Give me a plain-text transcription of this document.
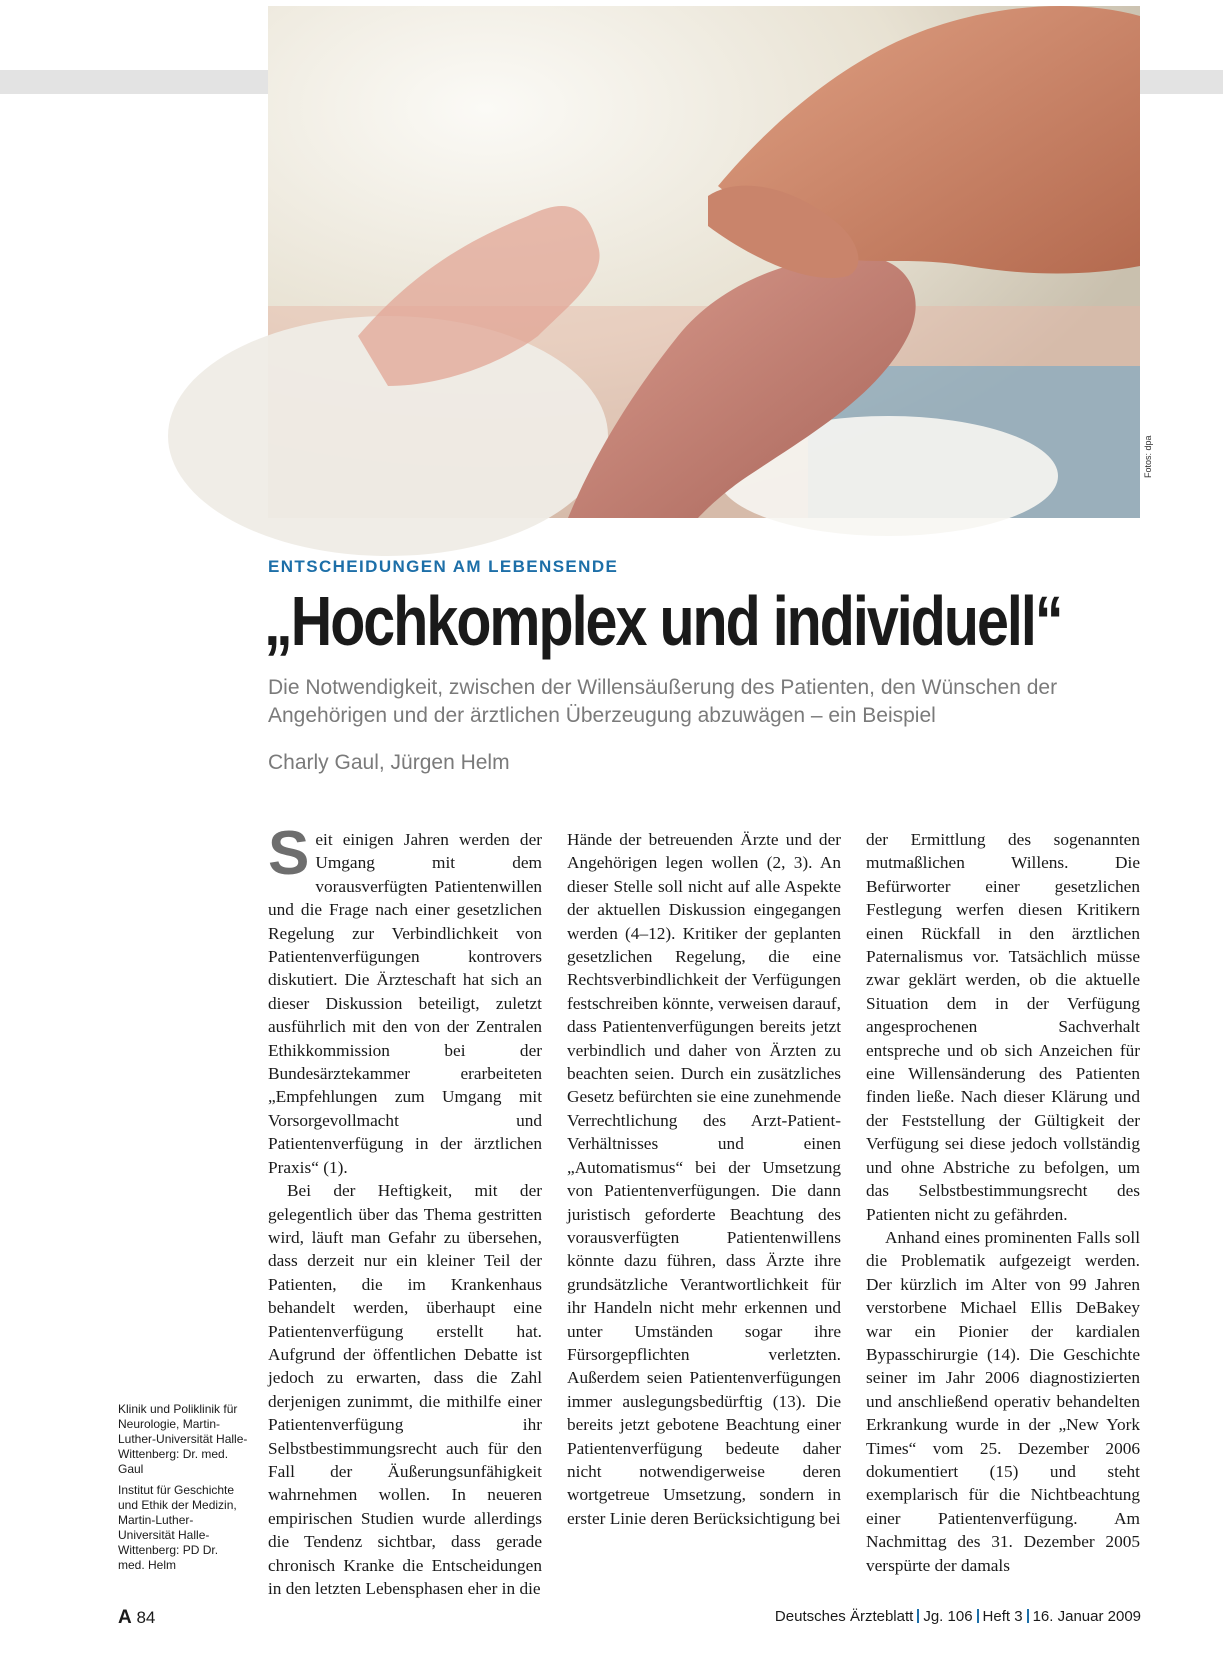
Fotos: dpa
ENTSCHEIDUNGEN AM LEBENSENDE
„Hochkomplex und individuell“

Die Notwendigkeit, zwischen der Willensäußerung des Patienten, den Wünschen der Angehörigen und der ärztlichen Überzeugung abzuwägen – ein Beispiel

Charly Gaul, Jürgen Helm

Klinik und Poliklinik für Neurologie, Martin-Luther-Universität Halle-Wittenberg: Dr. med. Gaul

Institut für Geschichte und Ethik der Medizin, Martin-Luther-Universität Halle-Wittenberg: PD Dr. med. Helm

S eit einigen Jahren werden der Umgang mit dem vorausverfügten Patientenwillen und die Frage nach einer gesetzlichen Regelung zur Verbindlichkeit von Patientenverfügungen kontrovers diskutiert. Die Ärzteschaft hat sich an dieser Diskussion beteiligt, zuletzt ausführlich mit den von der Zentralen Ethikkommission bei der Bundesärztekammer erarbeiteten „Empfehlungen zum Umgang mit Vorsorgevollmacht und Patientenverfügung in der ärztlichen Praxis“ (1).

Bei der Heftigkeit, mit der gelegentlich über das Thema gestritten wird, läuft man Gefahr zu übersehen, dass derzeit nur ein kleiner Teil der Patienten, die im Krankenhaus behandelt werden, überhaupt eine Patientenverfügung erstellt hat. Aufgrund der öffentlichen Debatte ist jedoch zu erwarten, dass die Zahl derjenigen zunimmt, die mithilfe einer Patientenverfügung ihr Selbstbestimmungsrecht auch für den Fall der Äußerungsunfähigkeit wahrnehmen wollen. In neueren empirischen Studien wurde allerdings die Tendenz sichtbar, dass gerade chronisch Kranke die Entscheidungen in den letzten Lebensphasen eher in die

Hände der betreuenden Ärzte und der Angehörigen legen wollen (2, 3). An dieser Stelle soll nicht auf alle Aspekte der aktuellen Diskussion eingegangen werden (4–12). Kritiker der geplanten gesetzlichen Regelung, die eine Rechtsverbindlichkeit der Verfügungen festschreiben könnte, verweisen darauf, dass Patientenverfügungen bereits jetzt verbindlich und daher von Ärzten zu beachten seien. Durch ein zusätzliches Gesetz befürchten sie eine zunehmende Verrechtlichung des Arzt-Patient-Verhältnisses und einen „Automatismus“ bei der Umsetzung von Patientenverfügungen. Die dann juristisch geforderte Beachtung des vorausverfügten Patientenwillens könnte dazu führen, dass Ärzte ihre grundsätzliche Verantwortlichkeit für ihr Handeln nicht mehr erkennen und unter Umständen sogar ihre Fürsorgepflichten verletzten. Außerdem seien Patientenverfügungen immer auslegungsbedürftig (13). Die bereits jetzt gebotene Beachtung einer Patientenverfügung bedeute daher nicht notwendigerweise deren wortgetreue Umsetzung, sondern in erster Linie deren Berücksichtigung bei

der Ermittlung des sogenannten mutmaßlichen Willens. Die Befürworter einer gesetzlichen Festlegung werfen diesen Kritikern einen Rückfall in den ärztlichen Paternalismus vor. Tatsächlich müsse zwar geklärt werden, ob die aktuelle Situation dem in der Verfügung angesprochenen Sachverhalt entspreche und ob sich Anzeichen für eine Willensänderung des Patienten finden ließe. Nach dieser Klärung und der Feststellung der Gültigkeit der Verfügung sei diese jedoch vollständig und ohne Abstriche zu befolgen, um das Selbstbestimmungsrecht des Patienten nicht zu gefährden.

Anhand eines prominenten Falls soll die Problematik aufgezeigt werden. Der kürzlich im Alter von 99 Jahren verstorbene Michael Ellis DeBakey war ein Pionier der kardialen Bypasschirurgie (14). Die Geschichte seiner im Jahr 2006 diagnostizierten und anschließend operativ behandelten Erkrankung wurde in der „New York Times“ vom 25. Dezember 2006 dokumentiert (15) und steht exemplarisch für die Nichtbeachtung einer Patientenverfügung. Am Nachmittag des 31. Dezember 2005 verspürte der damals

A 84	Deutsches Ärzteblatt Jg. 106 Heft 3 16. Januar 2009
